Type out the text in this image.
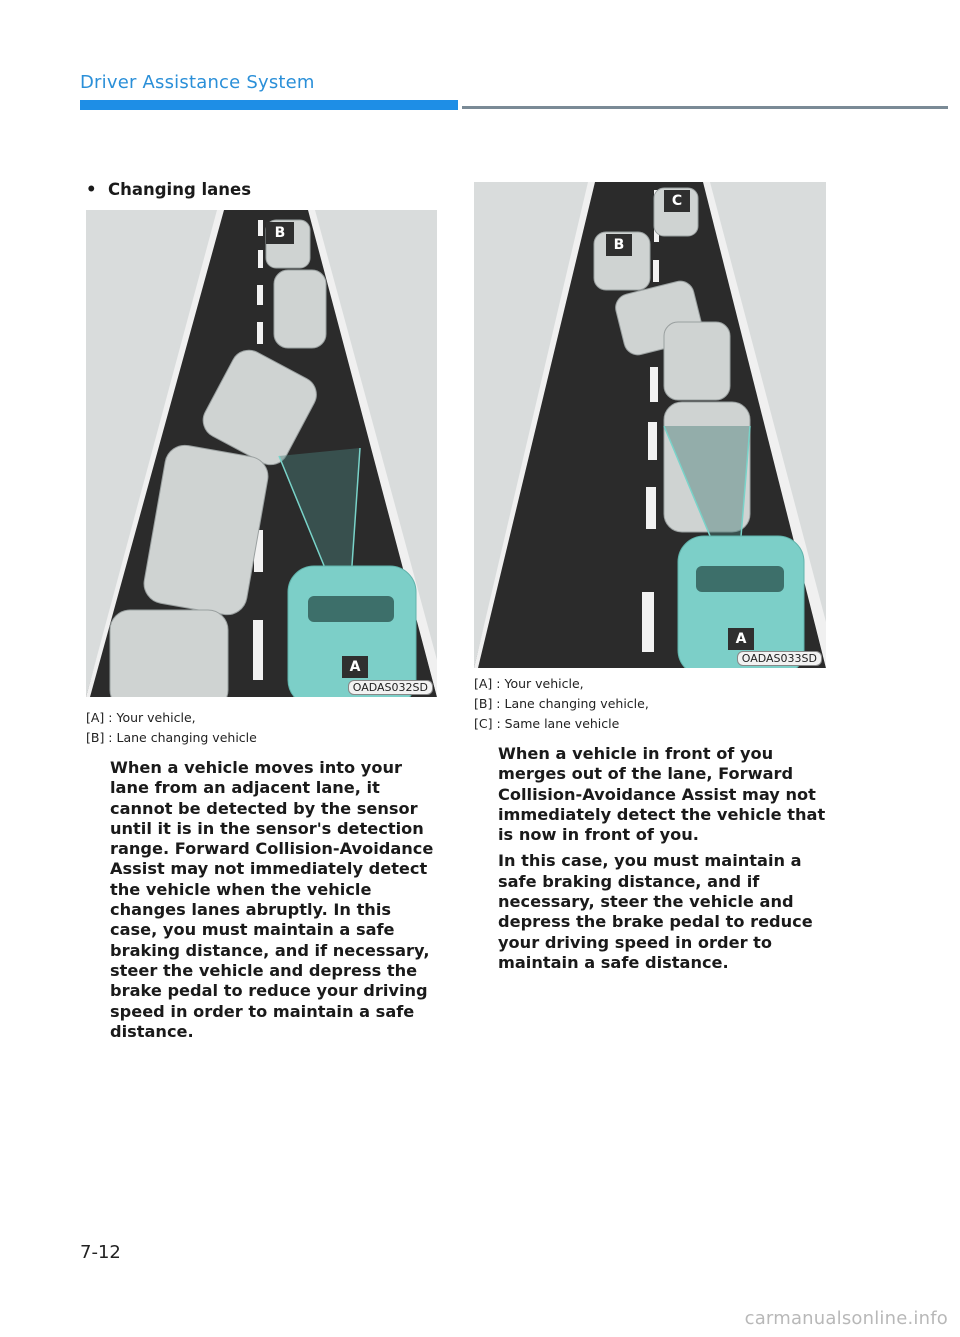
Driver Assistance System
• Changing lanes
B
A
OADAS032SD
[A] : Your vehicle,
[B] : Lane changing vehicle

When a vehicle moves into your lane from an adjacent lane, it cannot be detected by the sensor until it is in the sensor's detection range. Forward Collision-Avoidance Assist may not immediately detect the vehicle when the vehicle changes lanes abruptly. In this case, you must maintain a safe braking distance, and if necessary, steer the vehicle and depress the brake pedal to reduce your driving speed in order to maintain a safe distance.

C
B
A
OADAS033SD
[A] : Your vehicle,
[B] : Lane changing vehicle,
[C] : Same lane vehicle

When a vehicle in front of you merges out of the lane, Forward Collision-Avoidance Assist may not immediately detect the vehicle that is now in front of you.

In this case, you must maintain a safe braking distance, and if necessary, steer the vehicle and depress the brake pedal to reduce your driving speed in order to maintain a safe distance.

7-12
carmanualsonline.info
